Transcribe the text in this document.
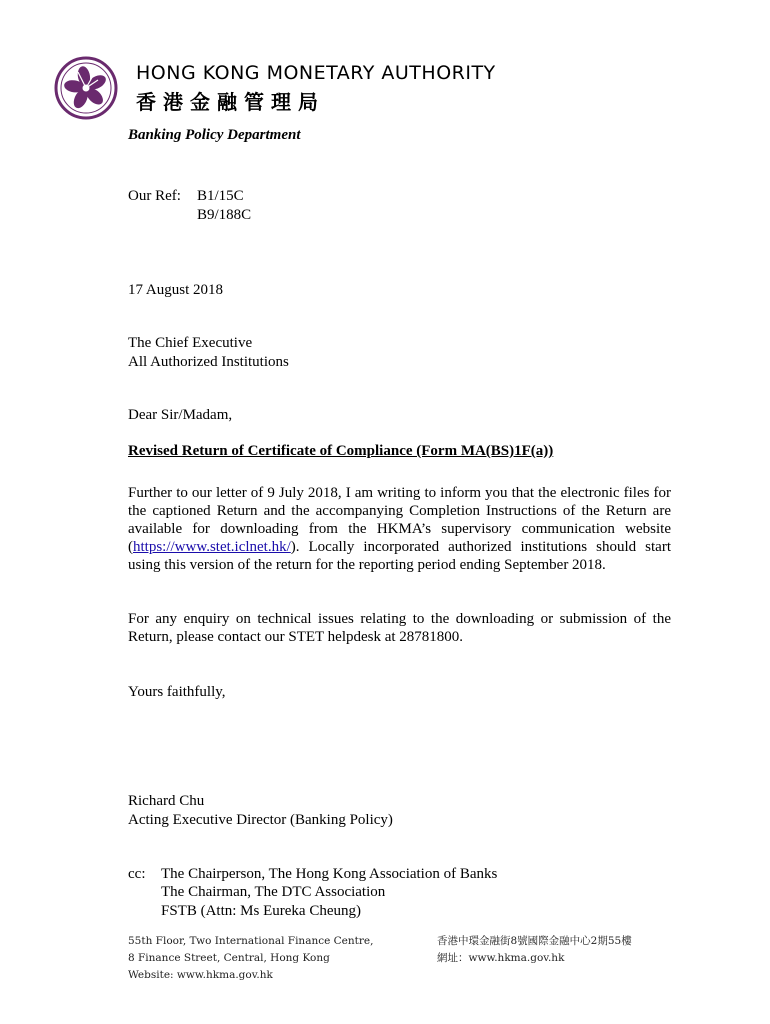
HONG KONG MONETARY AUTHORITY
香港金融管理局
Banking Policy Department
Our Ref: B1/15C
B9/188C
17 August 2018
The Chief Executive
All Authorized Institutions
Dear Sir/Madam,
Revised Return of Certificate of Compliance (Form MA(BS)1F(a))

Further to our letter of 9 July 2018, I am writing to inform you that the electronic files for the captioned Return and the accompanying Completion Instructions of the Return are available for downloading from the HKMA’s supervisory communication website (https://www.stet.iclnet.hk/). Locally incorporated authorized institutions should start using this version of the return for the reporting period ending September 2018.

For any enquiry on technical issues relating to the downloading or submission of the Return, please contact our STET helpdesk at 28781800.

Yours faithfully,
Richard Chu
Acting Executive Director (Banking Policy)
cc: The Chairperson, The Hong Kong Association of Banks
The Chairman, The DTC Association
FSTB (Attn: Ms Eureka Cheung)
55th Floor, Two International Finance Centre,
8 Finance Street, Central, Hong Kong
Website: www.hkma.gov.hk
香港中環金融街8號國際金融中心2期55樓
網址：www.hkma.gov.hk
